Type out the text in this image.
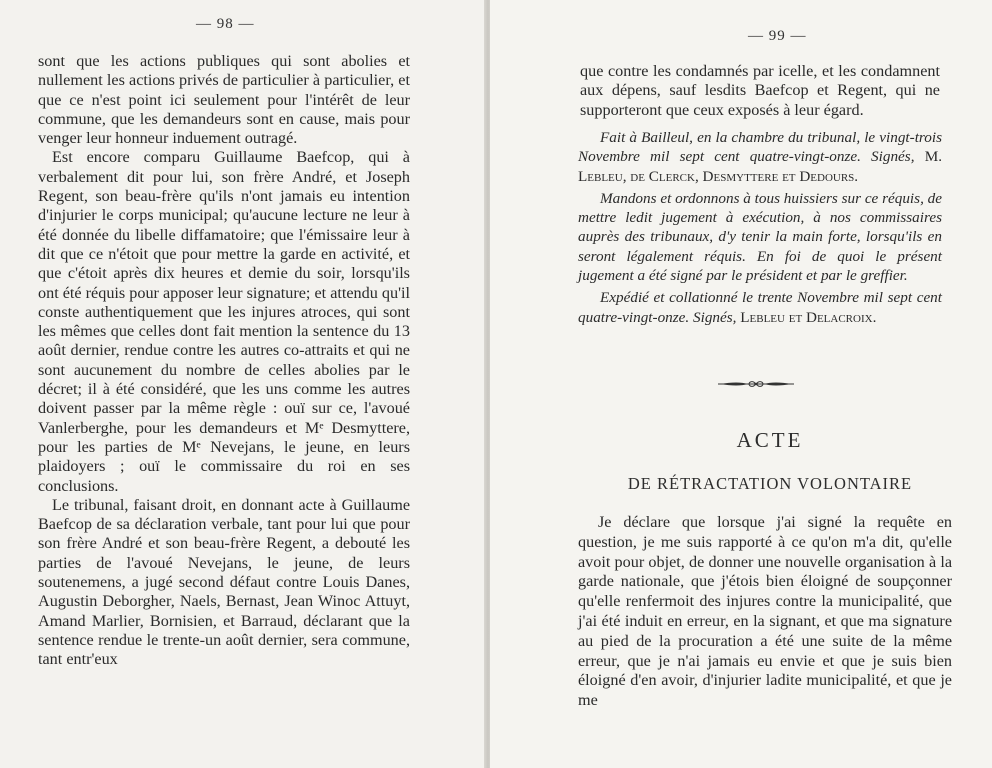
— 98 —

sont que les actions publiques qui sont abolies et nullement les actions privés de particulier à particulier, et que ce n'est point ici seulement pour l'intérêt de leur commune, que les demandeurs sont en cause, mais pour venger leur honneur induement outragé.

Est encore comparu Guillaume Baefcop, qui à verbalement dit pour lui, son frère André, et Joseph Regent, son beau-frère qu'ils n'ont jamais eu intention d'injurier le corps municipal; qu'aucune lecture ne leur à été donnée du libelle diffamatoire; que l'émissaire leur à dit que ce n'étoit que pour mettre la garde en activité, et que c'étoit après dix heures et demie du soir, lorsqu'ils ont été réquis pour apposer leur signature; et attendu qu'il conste authentiquement que les injures atroces, qui sont les mêmes que celles dont fait mention la sentence du 13 août dernier, rendue contre les autres co-attraits et qui ne sont aucunement du nombre de celles abolies par le décret; il à été considéré, que les uns comme les autres doivent passer par la même règle : ouï sur ce, l'avoué Vanlerberghe, pour les demandeurs et Mᵉ Desmyttere, pour les parties de Mᵉ Nevejans, le jeune, en leurs plaidoyers ; ouï le commissaire du roi en ses conclusions.

Le tribunal, faisant droit, en donnant acte à Guillaume Baefcop de sa déclaration verbale, tant pour lui que pour son frère André et son beau-frère Regent, a debouté les parties de l'avoué Nevejans, le jeune, de leurs soutenemens, a jugé second défaut contre Louis Danes, Augustin Deborgher, Naels, Bernast, Jean Winoc Attuyt, Amand Marlier, Bornisien, et Barraud, déclarant que la sentence rendue le trente-un août dernier, sera commune, tant entr'eux

— 99 —

que contre les condamnés par icelle, et les condamnent aux dépens, sauf lesdits Baefcop et Regent, qui ne supporteront que ceux exposés à leur égard.

Fait à Bailleul, en la chambre du tribunal, le vingt-trois Novembre mil sept cent quatre-vingt-onze. Signés, M. Lebleu, de Clerck, Desmyttere et Dedours.

Mandons et ordonnons à tous huissiers sur ce réquis, de mettre ledit jugement à exécution, à nos commissaires auprès des tribunaux, d'y tenir la main forte, lorsqu'ils en seront légalement réquis. En foi de quoi le présent jugement a été signé par le président et par le greffier.

Expédié et collationné le trente Novembre mil sept cent quatre-vingt-onze. Signés, Lebleu et Delacroix.

ACTE
DE RÉTRACTATION VOLONTAIRE

Je déclare que lorsque j'ai signé la requête en question, je me suis rapporté à ce qu'on m'a dit, qu'elle avoit pour objet, de donner une nouvelle organisation à la garde nationale, que j'étois bien éloigné de soupçonner qu'elle renfermoit des injures contre la municipalité, que j'ai été induit en erreur, en la signant, et que ma signature au pied de la procuration a été une suite de la même erreur, que je n'ai jamais eu envie et que je suis bien éloigné d'en avoir, d'injurier ladite municipalité, et que je me
